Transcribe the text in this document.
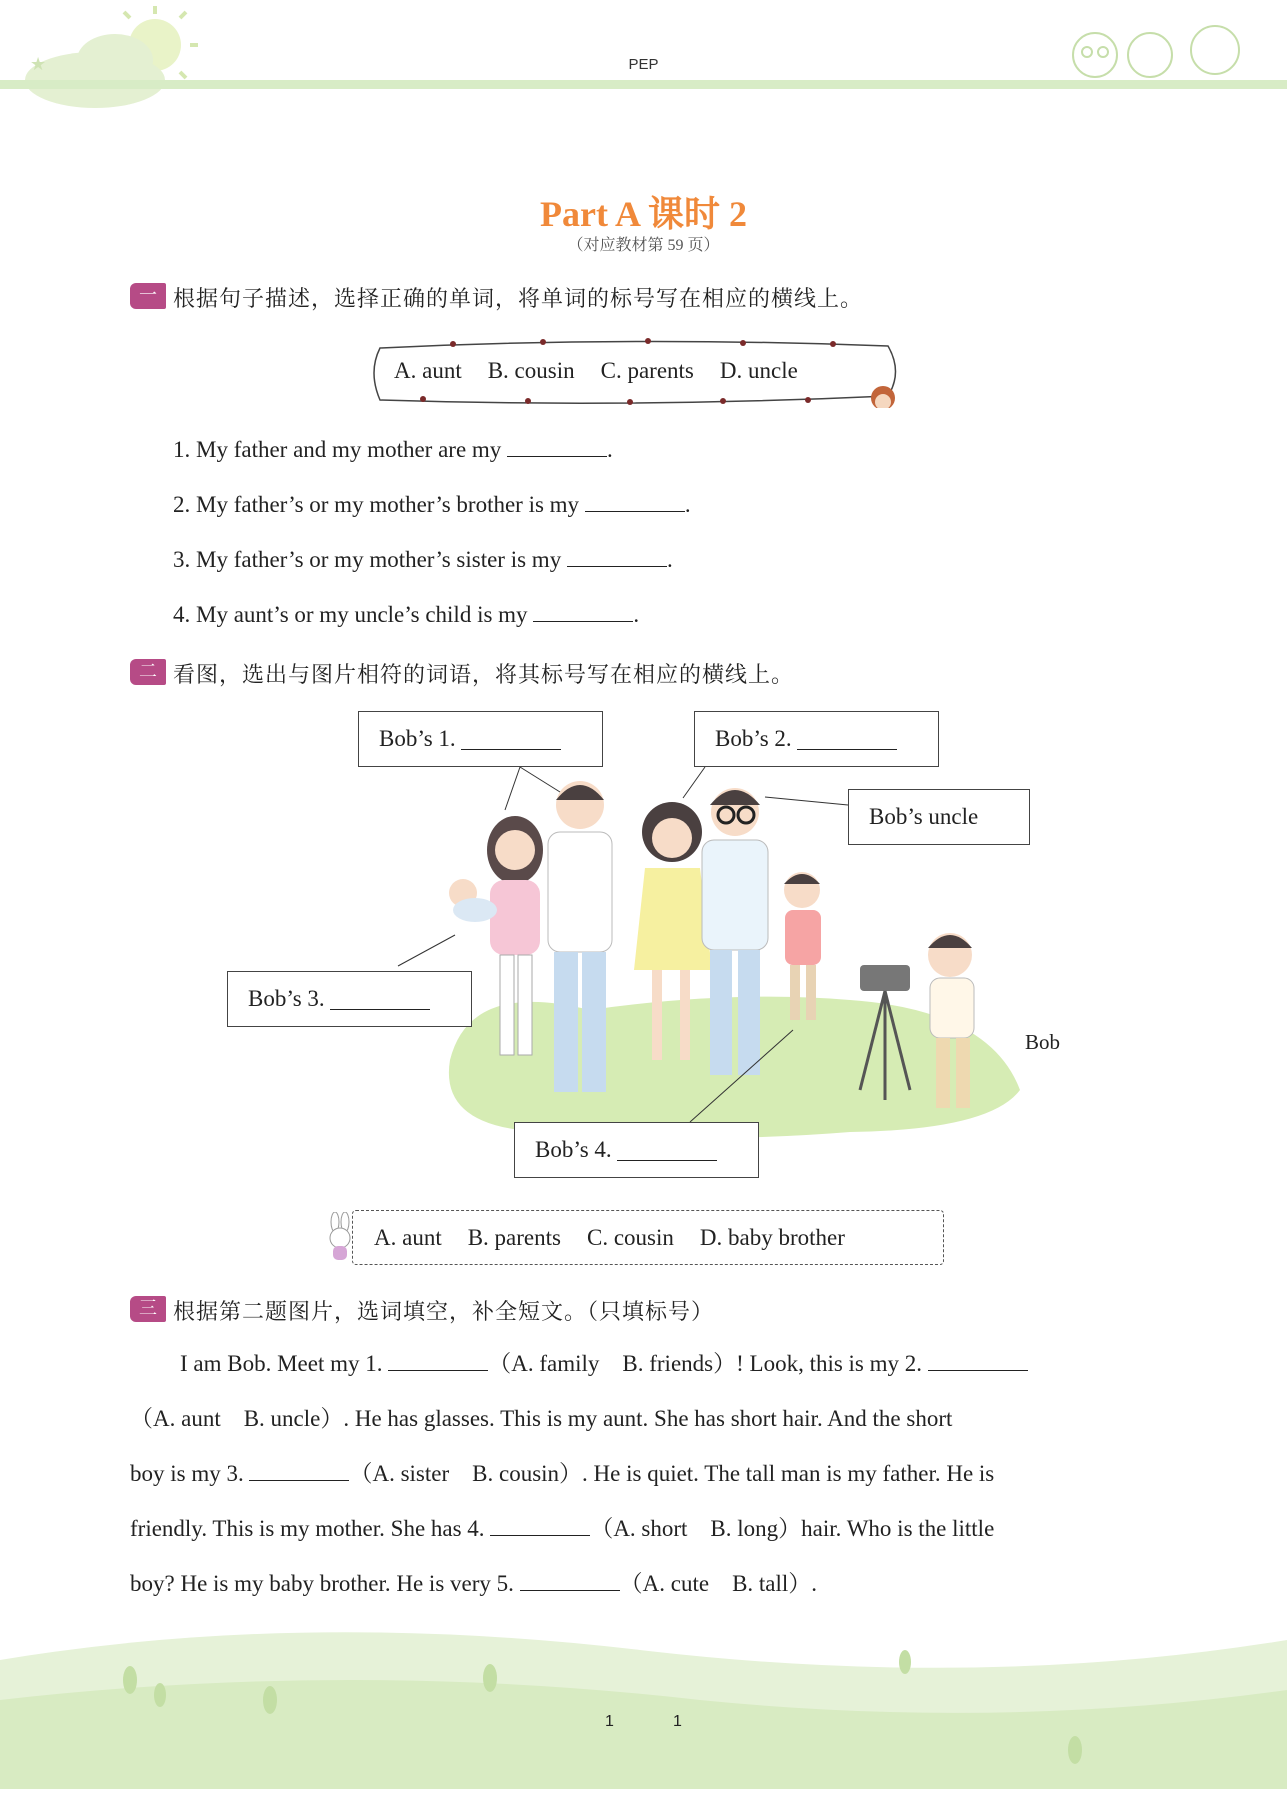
★	PEP
Part A 课时 2
（对应教材第 59 页）
一 根据句子描述，选择正确的单词，将单词的标号写在相应的横线上。
A. aunt B. cousin C. parents D. uncle
1. My father and my mother are my	.
2. My father’s or my mother’s brother is my	.
3. My father’s or my mother’s sister is my	.
4. My aunt’s or my uncle’s child is my	.
二 看图，选出与图片相符的词语，将其标号写在相应的横线上。
Bob’s 1.
	Bob’s 2.

Bob’s uncle
Bob’s 3.

Bob’s 4.

Bob
A. aunt B. parents C. cousin D. baby brother
三 根据第二题图片，选词填空，补全短文。（只填标号）
I am Bob. Meet my 1.	（A. family　B. friends）! Look, this is my 2.
（A. aunt　B. uncle）. He has glasses. This is my aunt. She has short hair. And the short
boy is my 3.	（A. sister　B. cousin）. He is quiet. The tall man is my father. He is
friendly. This is my mother. She has 4.	（A. short　B. long）hair. Who is the little
boy? He is my baby brother. He is very 5.	（A. cute　B. tall）.
1	1
